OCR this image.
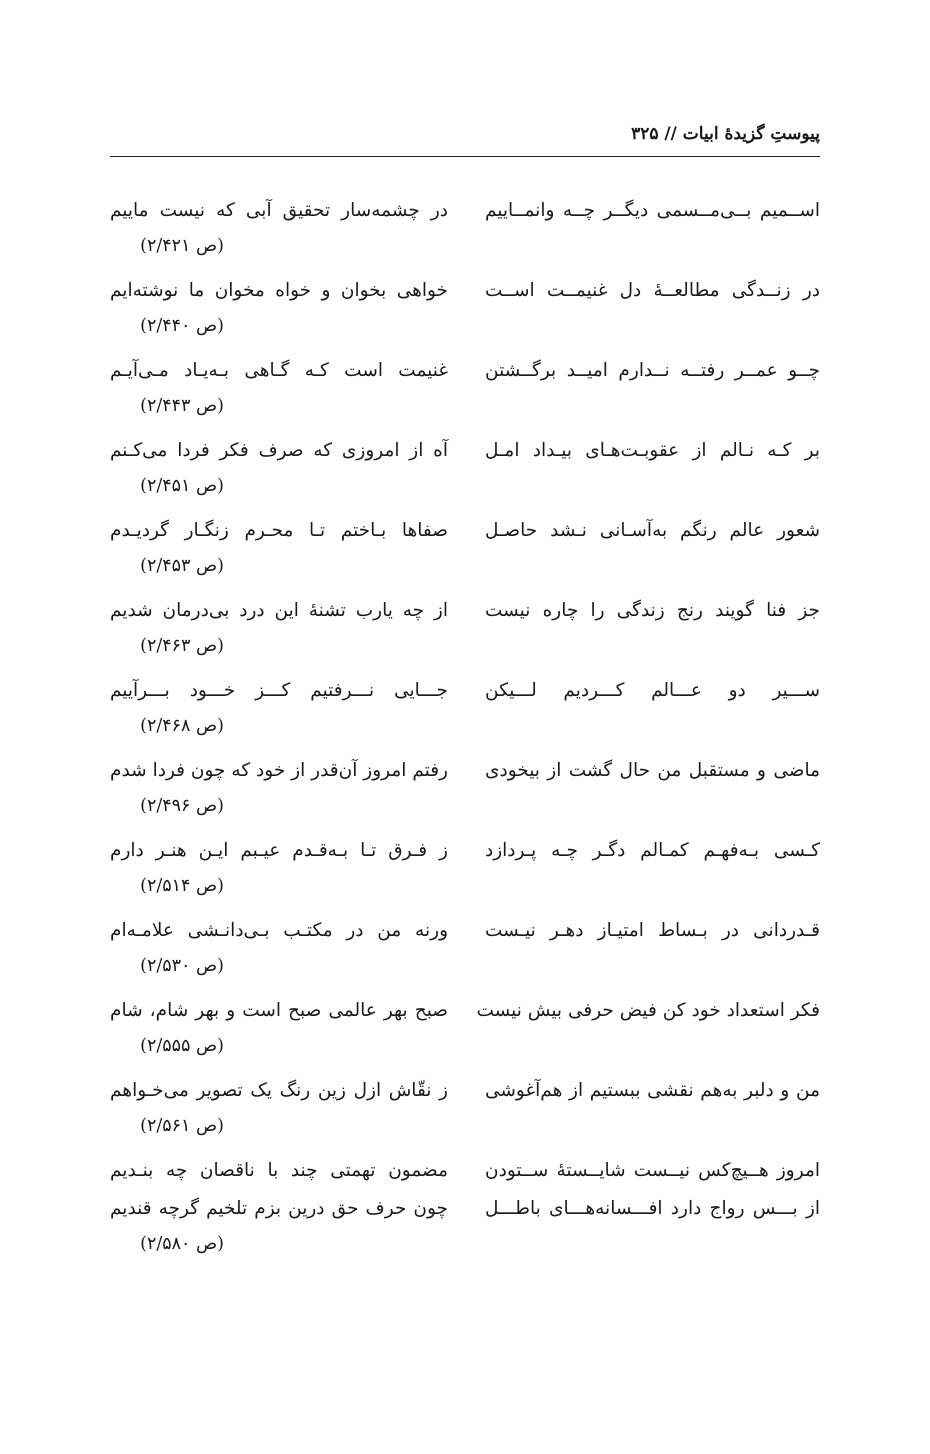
پیوستِ گزیدهٔ ابیات // ۳۲۵
اســمیم بــی‌مــسمی دیگــر چــه وانمــاییم
در چشمه‌سار تحقیق آبی که نیست ماییم
(ص ۲/۴۲۱)
در زنــدگی مطالعــهٔ دل غنیمــت اســت
خواهی بخوان و خواه مخوان ما نوشته‌ایم
(ص ۲/۴۴۰)
چــو عمــر رفتــه نــدارم امیــد برگــشتن
غنیمت است کـه گـاهی بـه‌یـاد مـی‌آیـم
(ص ۲/۴۴۳)
بر کـه نـالم از عقوبـت‌هـای بیـداد امـل
آه از امروزی که صرف فکر فردا می‌کـنم
(ص ۲/۴۵۱)
شعور عالم رنگم به‌آسـانی نـشد حاصـل
صفاها بـاختم تـا محـرم زنگـار گردیـدم
(ص ۲/۴۵۳)
جز فنا گویند رنج زندگی را چاره نیست
از چه یارب تشنهٔ این درد بی‌درمان شدیم
(ص ۲/۴۶۳)
ســـیر دو عـــالم کـــردیم لـــیکن
جـــایی نـــرفتیم کـــز خـــود بـــرآییم
(ص ۲/۴۶۸)
ماضی و مستقبل من حال گشت از بیخودی
رفتم امروز آن‌قدر از خود که چون فردا شدم
(ص ۲/۴۹۶)
کـسی بـه‌فهـم کمـالم دگـر چـه پـردازد
ز فـرق تـا بـه‌قـدم عیـبم ایـن هنـر دارم
(ص ۲/۵۱۴)
قـدردانی در بـساط امتیـاز دهـر نیـست
ورنه من در مکتـب بـی‌دانـشی علامـه‌ام
(ص ۲/۵۳۰)
فکر استعداد خود کن فیض حرفی بیش نیست
صبح بهر عالمی صبح است و بهر شام، شام
(ص ۲/۵۵۵)
من و دلبر به‌هم نقشی ببستیم از هم‌آغوشی
ز نقّاش ازل زین رنگ یک تصویر می‌خـواهم
(ص ۲/۵۶۱)
امروز هــیچ‌کس نیــست شایــستهٔ ســتودن
مضمون تهمتی چند با ناقصان چه بنـدیم
از بـــس رواج دارد افـــسانه‌هـــای باطـــل
چون حرف حق درین بزم تلخیم گرچه قندیم
(ص ۲/۵۸۰)
